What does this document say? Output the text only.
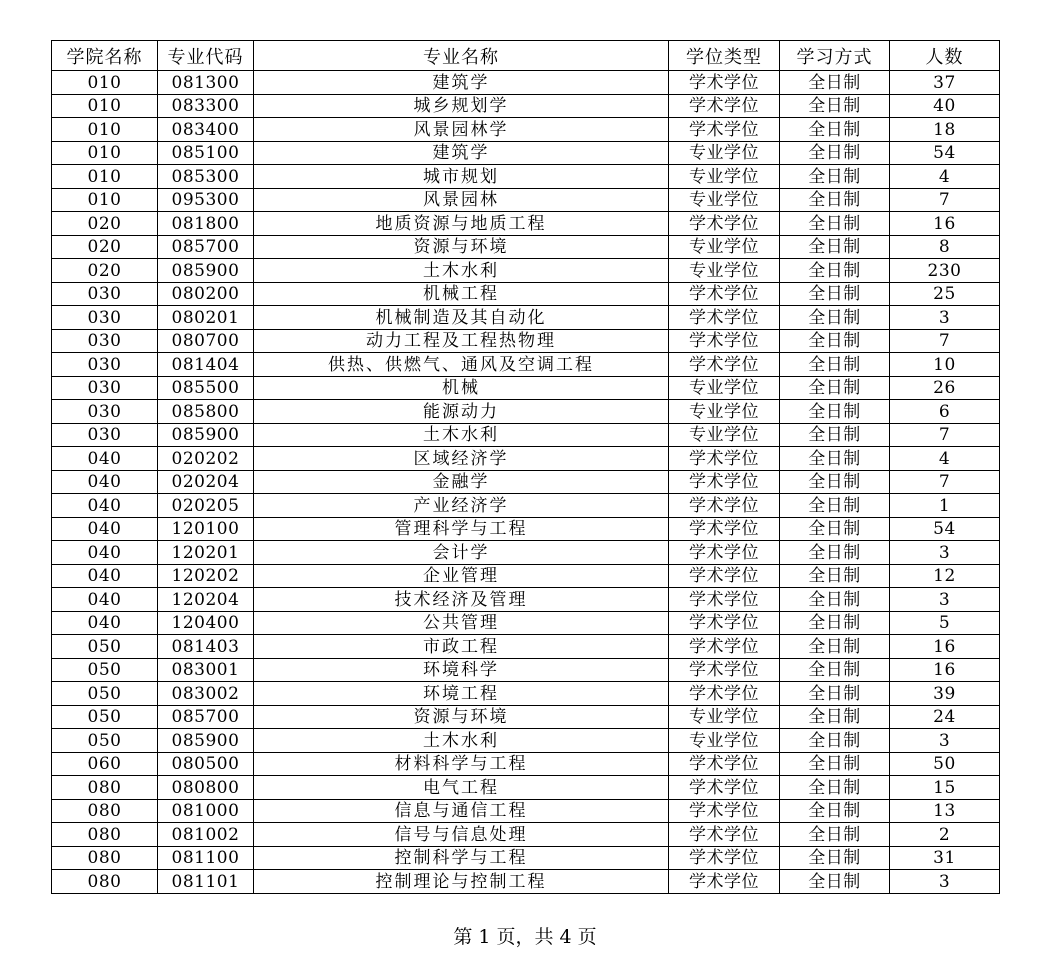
学院名称	专业代码	专业名称	学位类型	学习方式	人数
010	081300	建筑学	学术学位	全日制	37
010	083300	城乡规划学	学术学位	全日制	40
010	083400	风景园林学	学术学位	全日制	18
010	085100	建筑学	专业学位	全日制	54
010	085300	城市规划	专业学位	全日制	4
010	095300	风景园林	专业学位	全日制	7
020	081800	地质资源与地质工程	学术学位	全日制	16
020	085700	资源与环境	专业学位	全日制	8
020	085900	土木水利	专业学位	全日制	230
030	080200	机械工程	学术学位	全日制	25
030	080201	机械制造及其自动化	学术学位	全日制	3
030	080700	动力工程及工程热物理	学术学位	全日制	7
030	081404	供热、供燃气、通风及空调工程	学术学位	全日制	10
030	085500	机械	专业学位	全日制	26
030	085800	能源动力	专业学位	全日制	6
030	085900	土木水利	专业学位	全日制	7
040	020202	区域经济学	学术学位	全日制	4
040	020204	金融学	学术学位	全日制	7
040	020205	产业经济学	学术学位	全日制	1
040	120100	管理科学与工程	学术学位	全日制	54
040	120201	会计学	学术学位	全日制	3
040	120202	企业管理	学术学位	全日制	12
040	120204	技术经济及管理	学术学位	全日制	3
040	120400	公共管理	学术学位	全日制	5
050	081403	市政工程	学术学位	全日制	16
050	083001	环境科学	学术学位	全日制	16
050	083002	环境工程	学术学位	全日制	39
050	085700	资源与环境	专业学位	全日制	24
050	085900	土木水利	专业学位	全日制	3
060	080500	材料科学与工程	学术学位	全日制	50
080	080800	电气工程	学术学位	全日制	15
080	081000	信息与通信工程	学术学位	全日制	13
080	081002	信号与信息处理	学术学位	全日制	2
080	081100	控制科学与工程	学术学位	全日制	31
080	081101	控制理论与控制工程	学术学位	全日制	3
第 1 页，共 4 页
